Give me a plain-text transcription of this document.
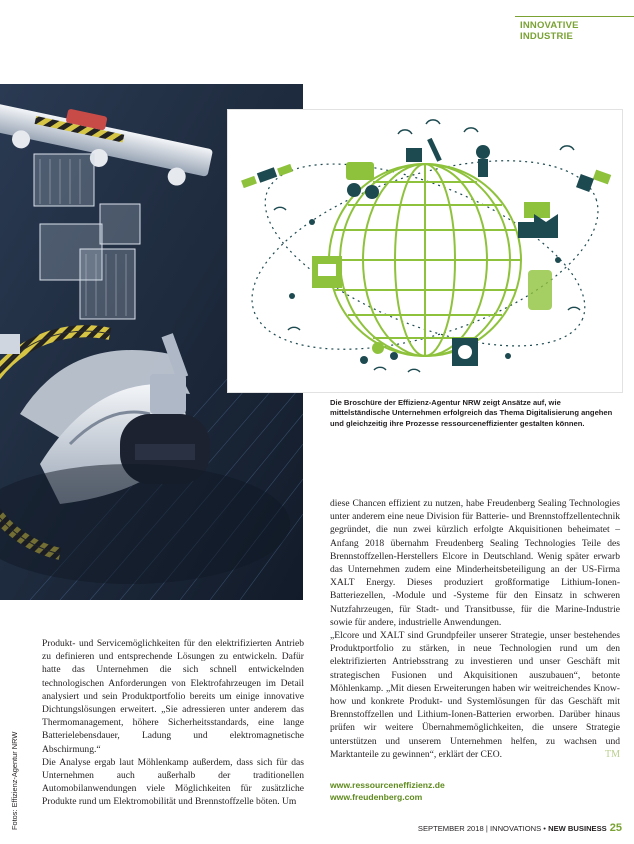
INNOVATIVE INDUSTRIE
Die Broschüre der Effizienz-Agentur NRW zeigt Ansätze auf, wie mittelständische Unternehmen erfolgreich das Thema Digitalisierung angehen und gleichzeitig ihre Prozesse ressourceneffizienter gestalten können.
Fotos: Effizienz-Agentur NRW

Produkt- und Servicemöglichkeiten für den elektrifizierten Antrieb zu definieren und entsprechende Lösungen zu entwickeln. Dafür hatte das Unternehmen die sich schnell entwickelnden technologischen Anforderungen von Elektrofahrzeugen im Detail analysiert und sein Produktportfolio bereits um einige innovative Dichtungslösungen erweitert. „Sie adressieren unter anderem das Thermomanagement, höhere Sicherheitsstandards, eine lange Batterielebensdauer, Ladung und elektromagnetische Abschirmung.“

Die Analyse ergab laut Möhlenkamp außerdem, dass sich für das Unternehmen auch außerhalb der traditionellen Automobilanwendungen viele Möglichkeiten für zusätzliche Produkte rund um Elektromobilität und Brennstoffzelle böten. Um

diese Chancen effizient zu nutzen, habe Freudenberg Sealing Technologies unter anderem eine neue Division für Batterie- und Brennstoffzellentechnik gegründet, die nun zwei kürzlich erfolgte Akquisitionen beheimatet – Anfang 2018 übernahm Freudenberg Sealing Technologies Teile des Brennstoffzellen-Herstellers Elcore in Deutschland. Wenig später erwarb das Unternehmen zudem eine Minderheitsbeteiligung an der US-Firma XALT Energy. Dieses produziert großformatige Lithium-Ionen-Batteriezellen, -Module und -Systeme für den Einsatz in schweren Nutzfahrzeugen, für Stadt- und Transitbusse, für die Marine-Industrie sowie für andere, industrielle Anwendungen.

„Elcore und XALT sind Grundpfeiler unserer Strategie, unser bestehendes Produktportfolio zu stärken, in neue Technologien rund um den elektrifizierten Antriebsstrang zu investieren und unser Geschäft mit strategischen Fusionen und Akquisitionen auszubauen“, betonte Möhlenkamp. „Mit diesen Erweiterungen haben wir weitreichendes Know-how und konkrete Produkt- und Systemlösungen für das Geschäft mit Brennstoffzellen und Lithium-Ionen-Batterien erworben. Darüber hinaus prüfen wir weitere Übernahmemöglichkeiten, die unsere Strategie unterstützen und unserem Unternehmen helfen, zu wachsen und Marktanteile zu gewinnen“, erklärt der CEO.	TM

www.ressourceneffizienz.de
www.freudenberg.com
SEPTEMBER 2018 | INNOVATIONS • NEW BUSINESS 25
